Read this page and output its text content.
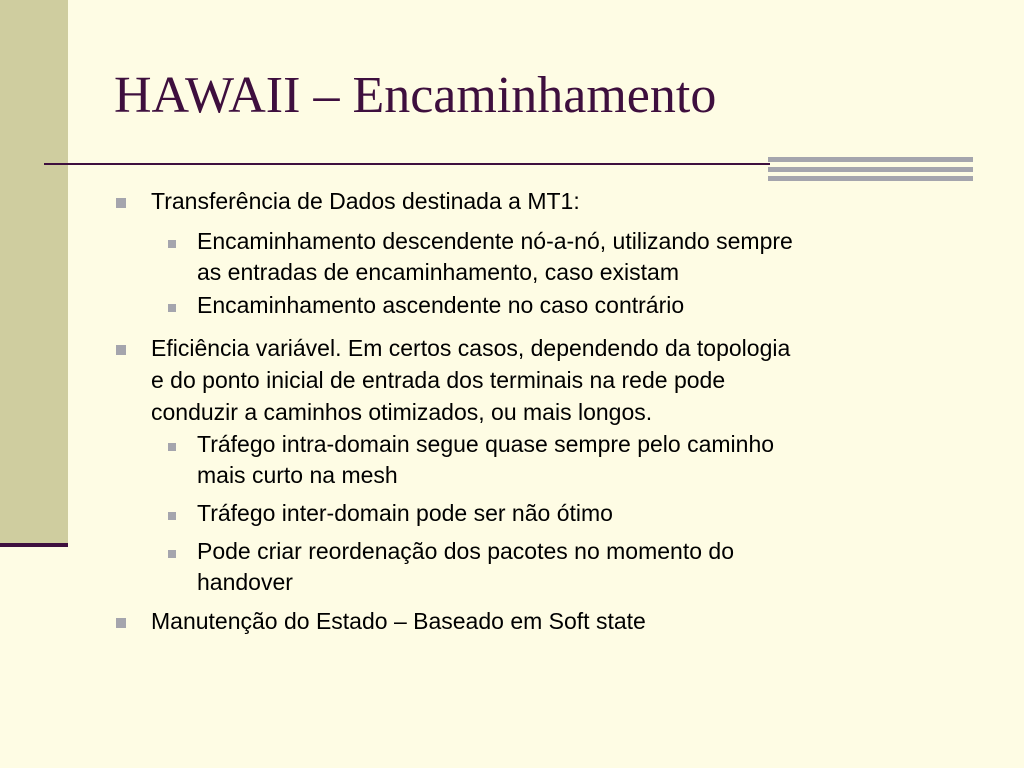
HAWAII – Encaminhamento
Transferência de Dados destinada a MT1:
Encaminhamento descendente nó-a-nó, utilizando sempre
as entradas de encaminhamento, caso existam
Encaminhamento ascendente no caso contrário
Eficiência variável. Em certos casos, dependendo da topologia
e do ponto inicial de entrada dos terminais na rede pode
conduzir a caminhos otimizados, ou mais longos.
Tráfego intra-domain segue quase sempre pelo caminho
mais curto na mesh
Tráfego inter-domain pode ser não ótimo
Pode criar reordenação dos pacotes no momento do
handover
Manutenção do Estado – Baseado em Soft state
